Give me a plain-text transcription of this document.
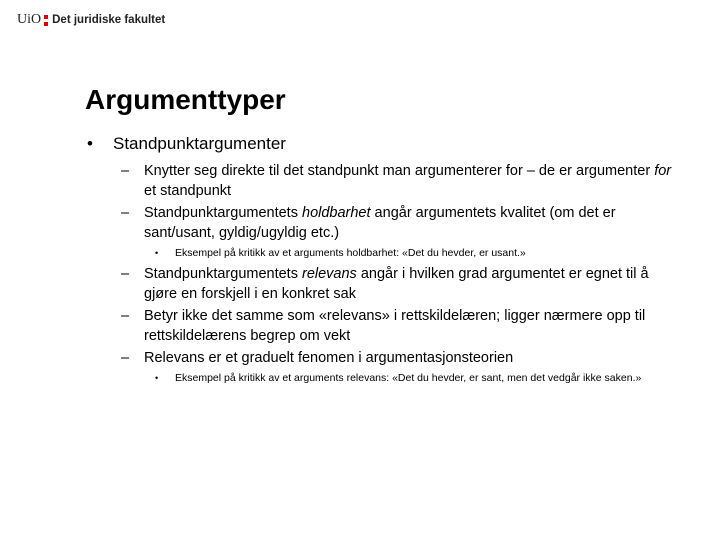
UiO Det juridiske fakultet
Argumenttyper
• Standpunktargumenter
– Knytter seg direkte til det standpunkt man argumenterer for – de er argumenter for et standpunkt
– Standpunktargumentets holdbarhet angår argumentets kvalitet (om det er sant/usant, gyldig/ugyldig etc.)
• Eksempel på kritikk av et arguments holdbarhet: «Det du hevder, er usant.»
– Standpunktargumentets relevans angår i hvilken grad argumentet er egnet til å gjøre en forskjell i en konkret sak
– Betyr ikke det samme som «relevans» i rettskildelæren; ligger nærmere opp til rettskildelærens begrep om vekt
– Relevans er et graduelt fenomen i argumentasjonsteorien
• Eksempel på kritikk av et arguments relevans: «Det du hevder, er sant, men det vedgår ikke saken.»
